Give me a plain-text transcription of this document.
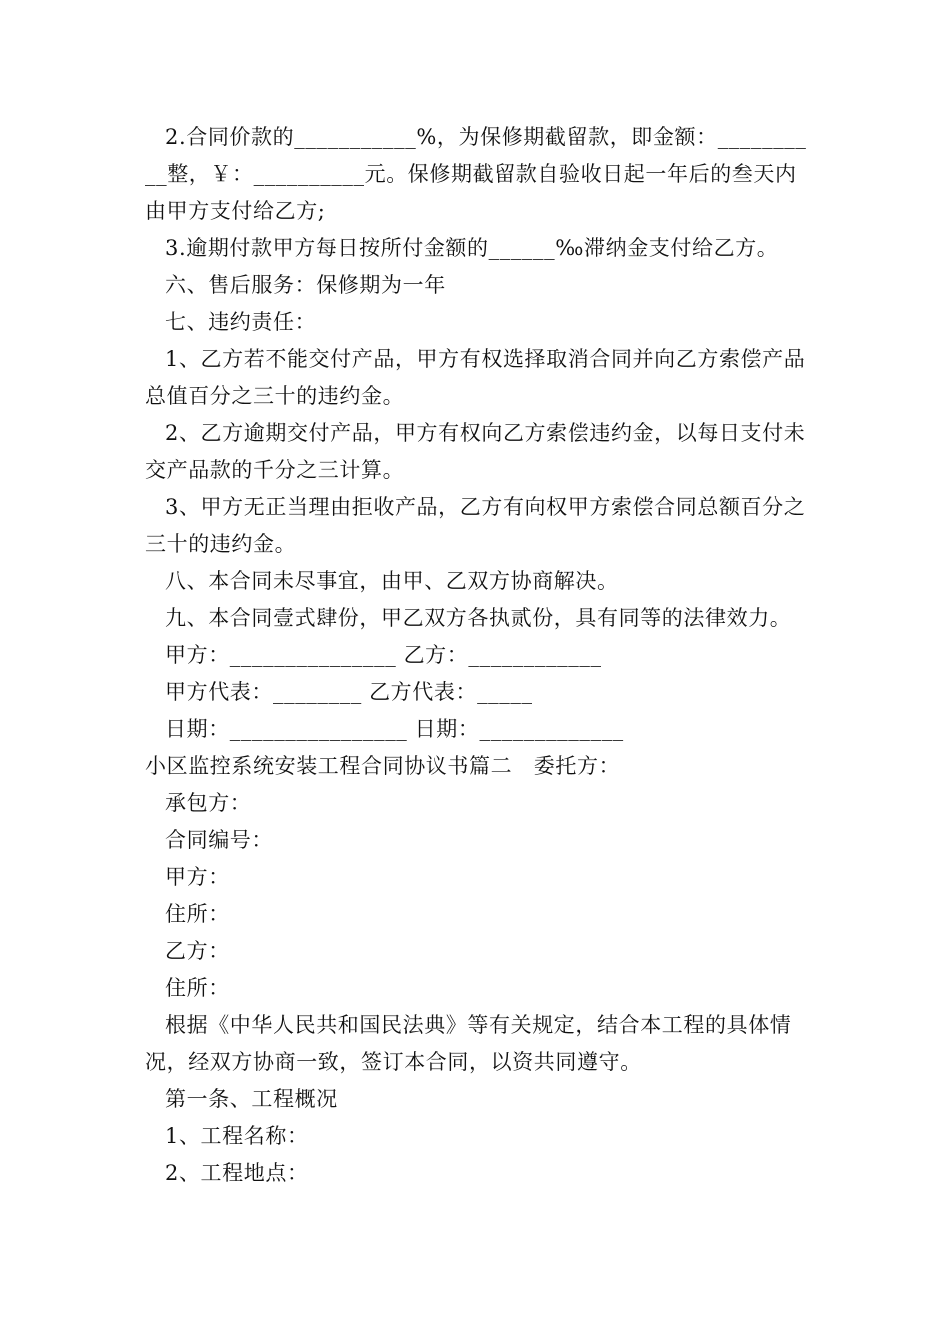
2.合同价款的___________%，为保修期截留款，即金额：__________整，￥：__________元。保修期截留款自验收日起一年后的叁天内由甲方支付给乙方;

3.逾期付款甲方每日按所付金额的______‰滞纳金支付给乙方。

六、售后服务：保修期为一年

七、违约责任：

1、乙方若不能交付产品，甲方有权选择取消合同并向乙方索偿产品总值百分之三十的违约金。

2、乙方逾期交付产品，甲方有权向乙方索偿违约金，以每日支付未交产品款的千分之三计算。

3、甲方无正当理由拒收产品，乙方有向权甲方索偿合同总额百分之三十的违约金。

八、本合同未尽事宜，由甲、乙双方协商解决。

九、本合同壹式肆份，甲乙双方各执贰份，具有同等的法律效力。

甲方：_______________ 乙方：____________

甲方代表：________ 乙方代表：_____

日期：________________ 日期：_____________

小区监控系统安装工程合同协议书篇二　委托方：

承包方：

合同编号：

甲方：

住所：

乙方：

住所：

根据《中华人民共和国民法典》等有关规定，结合本工程的具体情况，经双方协商一致，签订本合同，以资共同遵守。

第一条、工程概况

1、工程名称：

2、工程地点：
